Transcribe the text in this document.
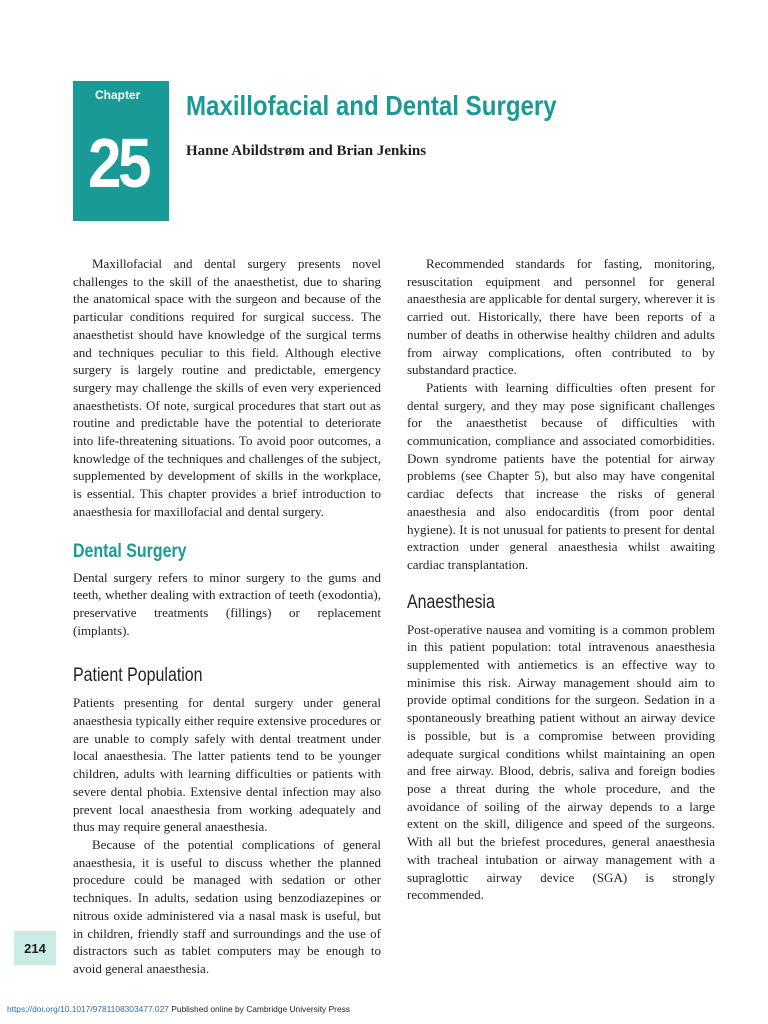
Chapter
25
Maxillofacial and Dental Surgery
Hanne Abildstrøm and Brian Jenkins

Maxillofacial and dental surgery presents novel challenges to the skill of the anaesthetist, due to sharing the anatomical space with the surgeon and because of the particular conditions required for surgical success. The anaesthetist should have knowledge of the surgical terms and techniques peculiar to this field. Although elective surgery is largely routine and predictable, emergency surgery may challenge the skills of even very experienced anaesthetists. Of note, surgical procedures that start out as routine and predictable have the potential to deteriorate into life-threatening situations. To avoid poor outcomes, a knowledge of the techniques and challenges of the subject, supplemented by development of skills in the workplace, is essential. This chapter provides a brief introduction to anaesthesia for maxillofacial and dental surgery.

Dental Surgery

Dental surgery refers to minor surgery to the gums and teeth, whether dealing with extraction of teeth (exodontia), preservative treatments (fillings) or replacement (implants).

Patient Population

Patients presenting for dental surgery under general anaesthesia typically either require extensive procedures or are unable to comply safely with dental treatment under local anaesthesia. The latter patients tend to be younger children, adults with learning difficulties or patients with severe dental phobia. Extensive dental infection may also prevent local anaesthesia from working adequately and thus may require general anaesthesia.

Because of the potential complications of general anaesthesia, it is useful to discuss whether the planned procedure could be managed with sedation or other techniques. In adults, sedation using benzodiazepines or nitrous oxide administered via a nasal mask is useful, but in children, friendly staff and surroundings and the use of distractors such as tablet computers may be enough to avoid general anaesthesia.

Recommended standards for fasting, monitoring, resuscitation equipment and personnel for general anaesthesia are applicable for dental surgery, wherever it is carried out. Historically, there have been reports of a number of deaths in otherwise healthy children and adults from airway complications, often contributed to by substandard practice.

Patients with learning difficulties often present for dental surgery, and they may pose significant challenges for the anaesthetist because of difficulties with communication, compliance and associated comorbidities. Down syndrome patients have the potential for airway problems (see Chapter 5), but also may have congenital cardiac defects that increase the risks of general anaesthesia and also endocarditis (from poor dental hygiene). It is not unusual for patients to present for dental extraction under general anaesthesia whilst awaiting cardiac transplantation.

Anaesthesia

Post-operative nausea and vomiting is a common problem in this patient population: total intravenous anaesthesia supplemented with antiemetics is an effective way to minimise this risk. Airway management should aim to provide optimal conditions for the surgeon. Sedation in a spontaneously breathing patient without an airway device is possible, but is a compromise between providing adequate surgical conditions whilst maintaining an open and free airway. Blood, debris, saliva and foreign bodies pose a threat during the whole procedure, and the avoidance of soiling of the airway depends to a large extent on the skill, diligence and speed of the surgeons. With all but the briefest procedures, general anaesthesia with tracheal intubation or airway management with a supraglottic airway device (SGA) is strongly recommended.

214
https://doi.org/10.1017/9781108303477.027 Published online by Cambridge University Press
